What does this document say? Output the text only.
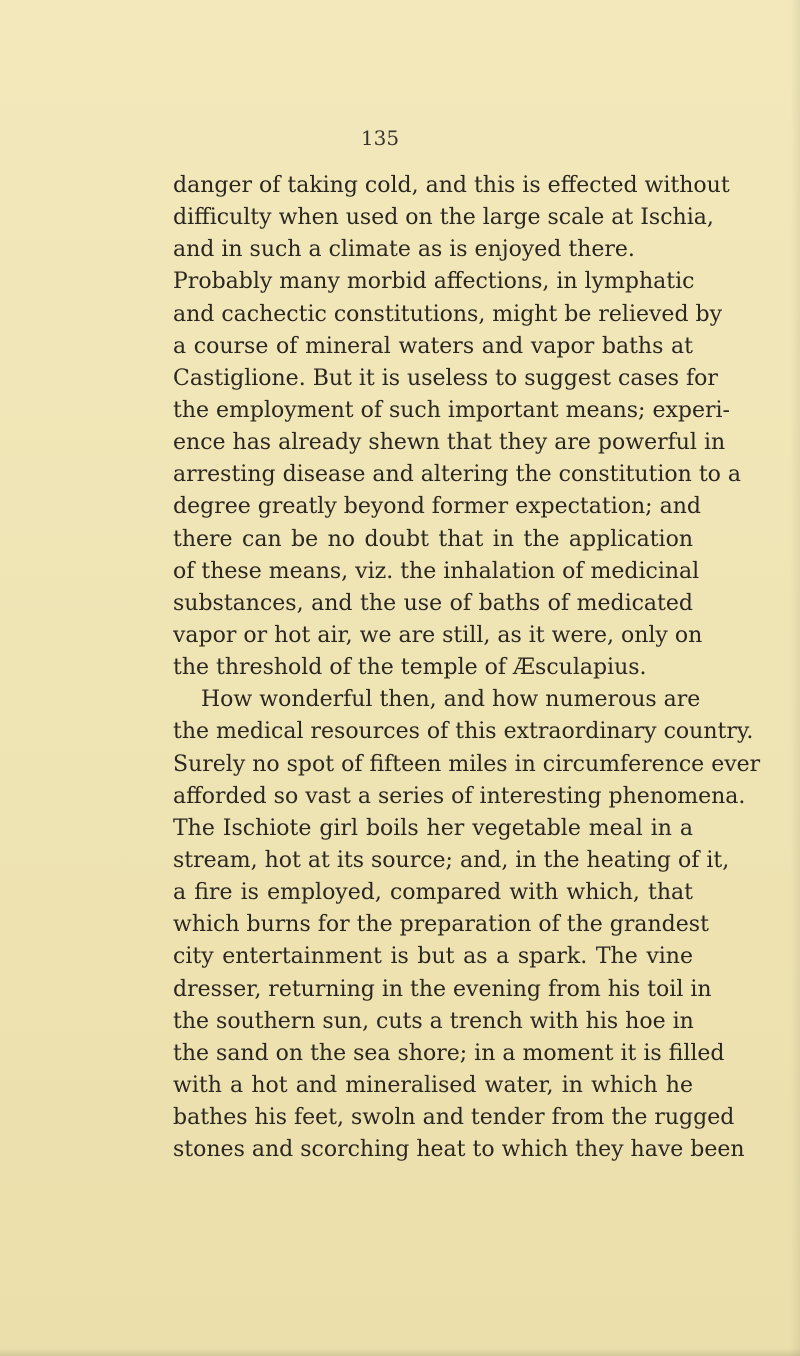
135
danger of taking cold, and this is effected without
difficulty when used on the large scale at Ischia,
and in such a climate as is enjoyed there.
Probably many morbid affections, in lymphatic
and cachectic constitutions, might be relieved by
a course of mineral waters and vapor baths at
Castiglione. But it is useless to suggest cases for
the employment of such important means; experi-
ence has already shewn that they are powerful in
arresting disease and altering the constitution to a
degree greatly beyond former expectation; and
there can be no doubt that in the application
of these means, viz. the inhalation of medicinal
substances, and the use of baths of medicated
vapor or hot air, we are still, as it were, only on
the threshold of the temple of Æsculapius.
How wonderful then, and how numerous are
the medical resources of this extraordinary country.
Surely no spot of fifteen miles in circumference ever
afforded so vast a series of interesting phenomena.
The Ischiote girl boils her vegetable meal in a
stream, hot at its source; and, in the heating of it,
a fire is employed, compared with which, that
which burns for the preparation of the grandest
city entertainment is but as a spark. The vine
dresser, returning in the evening from his toil in
the southern sun, cuts a trench with his hoe in
the sand on the sea shore; in a moment it is filled
with a hot and mineralised water, in which he
bathes his feet, swoln and tender from the rugged
stones and scorching heat to which they have been
